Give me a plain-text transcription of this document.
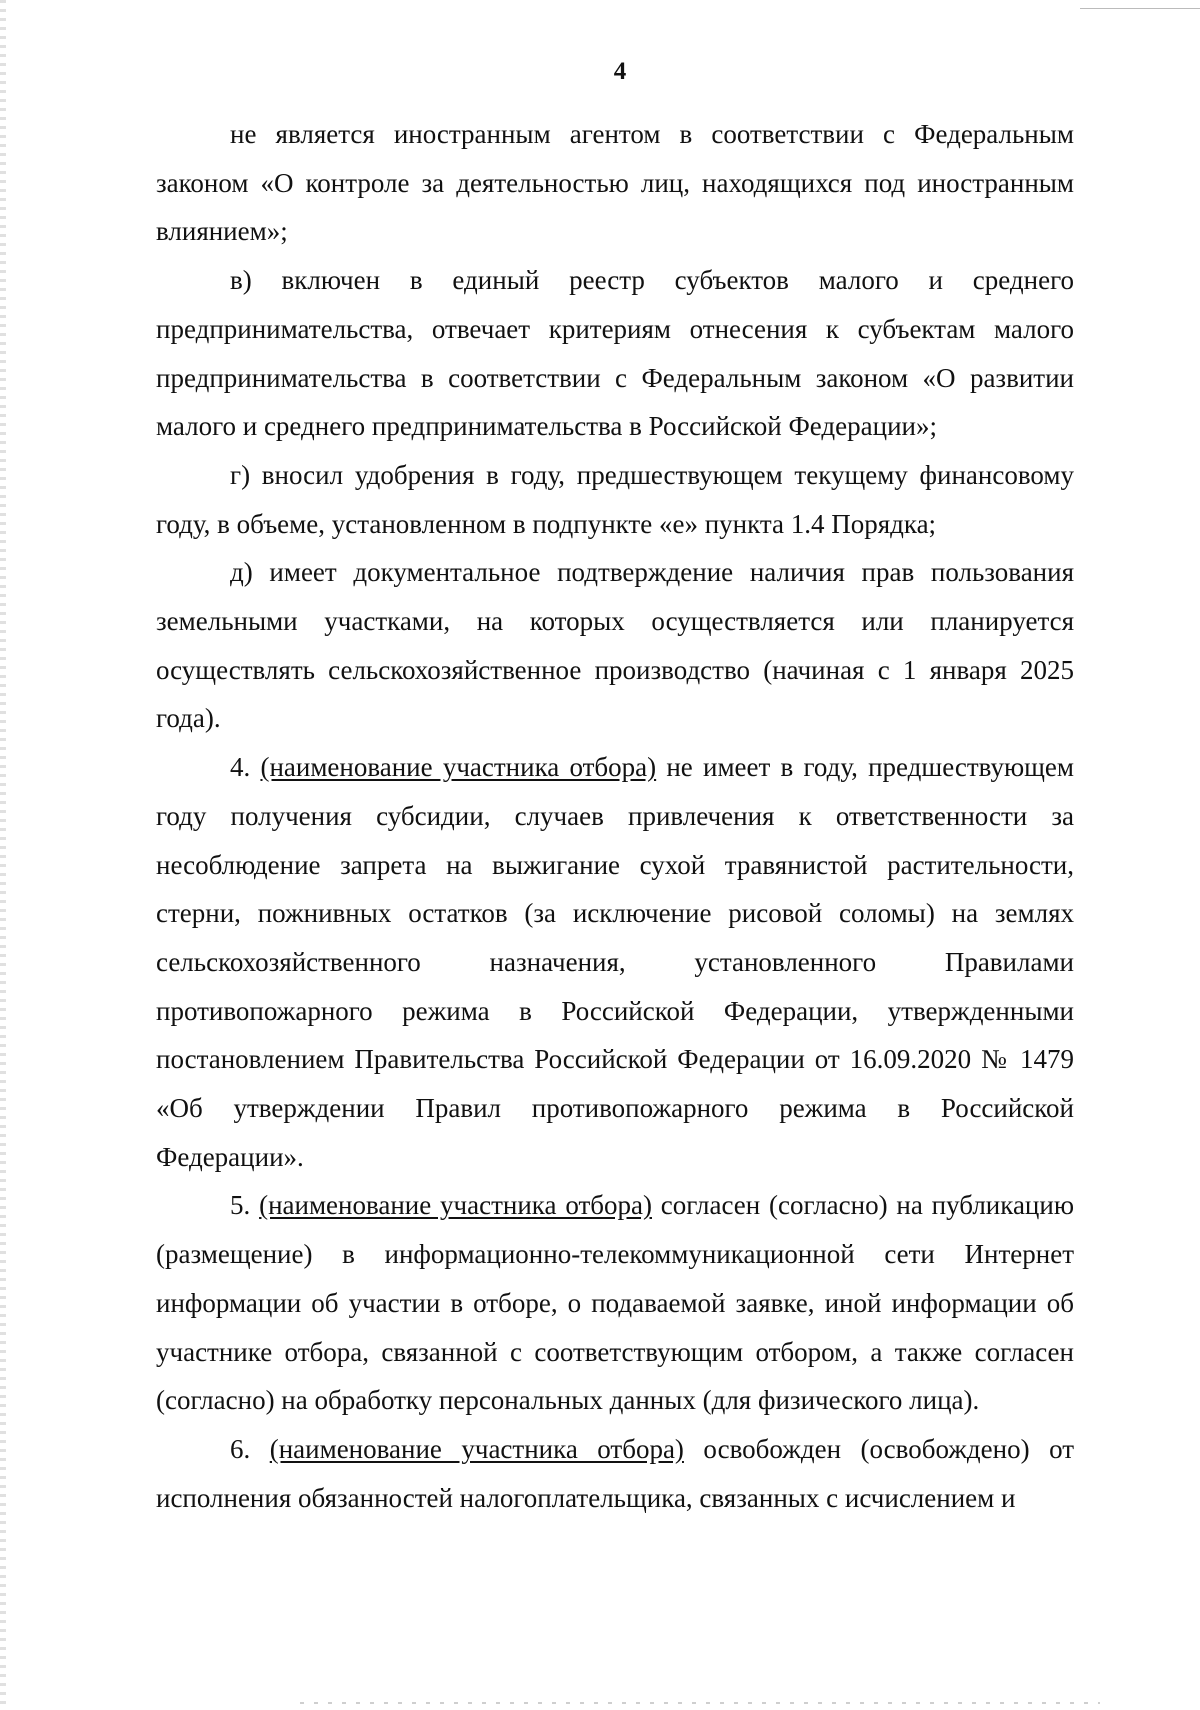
4

не является иностранным агентом в соответствии с Федеральным законом «О контроле за деятельностью лиц, находящихся под иностранным влиянием»;

в) включен в единый реестр субъектов малого и среднего предпринимательства, отвечает критериям отнесения к субъектам малого предпринимательства в соответствии с Федеральным законом «О развитии малого и среднего предпринимательства в Российской Федерации»;

г) вносил удобрения в году, предшествующем текущему финансовому году, в объеме, установленном в подпункте «е» пункта 1.4 Порядка;

д) имеет документальное подтверждение наличия прав пользования земельными участками, на которых осуществляется или планируется осуществлять сельскохозяйственное производство (начиная с 1 января 2025 года).

4. (наименование участника отбора) не имеет в году, предшествующем году получения субсидии, случаев привлечения к ответственности за несоблюдение запрета на выжигание сухой травянистой растительности, стерни, пожнивных остатков (за исключение рисовой соломы) на землях сельскохозяйственного назначения, установленного Правилами противопожарного режима в Российской Федерации, утвержденными постановлением Правительства Российской Федерации от 16.09.2020 № 1479 «Об утверждении Правил противопожарного режима в Российской Федерации».

5. (наименование участника отбора) согласен (согласно) на публикацию (размещение) в информационно-телекоммуникационной сети Интернет информации об участии в отборе, о подаваемой заявке, иной информации об участнике отбора, связанной с соответствующим отбором, а также согласен (согласно) на обработку персональных данных (для физического лица).

6. (наименование участника отбора) освобожден (освобождено) от исполнения обязанностей налогоплательщика, связанных с исчислением и
